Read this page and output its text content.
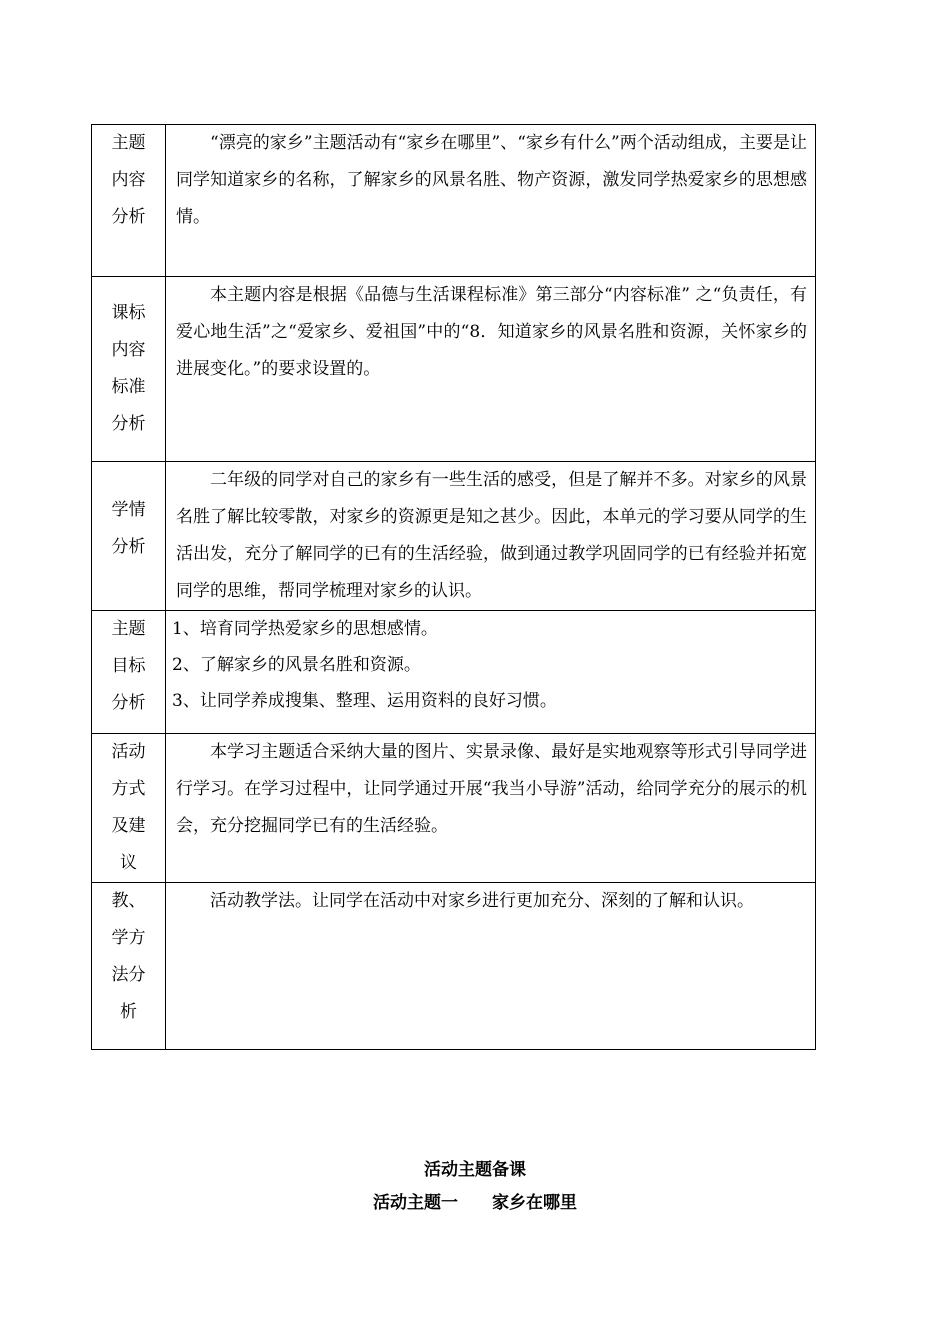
主题
内容
分析	“漂亮的家乡”主题活动有“家乡在哪里”、“家乡有什么”两个活动组成，主要是让同学知道家乡的名称，了解家乡的风景名胜、物产资源，激发同学热爱家乡的思想感情。

课标
内容
标准
分析	本主题内容是根据《品德与生活课程标准》第三部分“内容标准” 之“负责任，有爱心地生活”之“爱家乡、爱祖国”中的“8．知道家乡的风景名胜和资源，关怀家乡的进展变化。”的要求设置的。

学情
分析	二年级的同学对自己的家乡有一些生活的感受，但是了解并不多。对家乡的风景名胜了解比较零散，对家乡的资源更是知之甚少。因此，本单元的学习要从同学的生活出发，充分了解同学的已有的生活经验，做到通过教学巩固同学的已有经验并拓宽同学的思维，帮同学梳理对家乡的认识。

主题
目标
分析	1、培育同学热爱家乡的思想感情。
2、了解家乡的风景名胜和资源。
3、让同学养成搜集、整理、运用资料的良好习惯。

活动
方式
及建
议	本学习主题适合采纳大量的图片、实景录像、最好是实地观察等形式引导同学进行学习。在学习过程中，让同学通过开展“我当小导游”活动，给同学充分的展示的机会，充分挖掘同学已有的生活经验。

教、
学方
法分
析	活动教学法。让同学在活动中对家乡进行更加充分、深刻的了解和认识。

活动主题备课
活动主题一　　家乡在哪里
